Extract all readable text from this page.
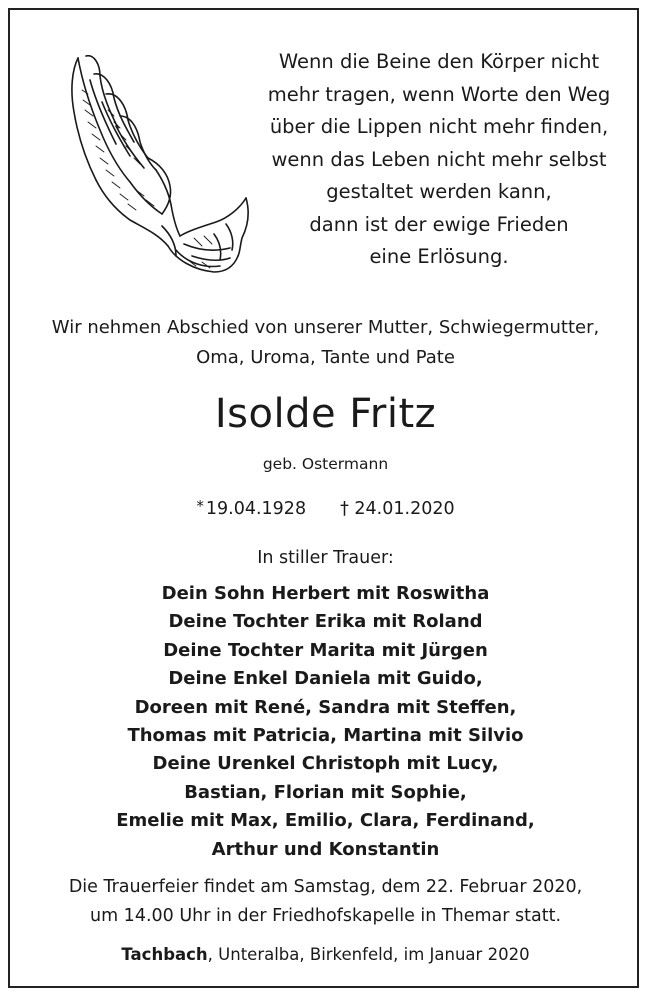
Wenn die Beine den Körper nicht
mehr tragen, wenn Worte den Weg
über die Lippen nicht mehr finden,
wenn das Leben nicht mehr selbst
gestaltet werden kann,
dann ist der ewige Frieden
eine Erlösung.
Wir nehmen Abschied von unserer Mutter, Schwiegermutter,
Oma, Uroma, Tante und Pate
Isolde Fritz
geb. Ostermann
* 19.04.1928 † 24.01.2020
In stiller Trauer:
Dein Sohn Herbert mit Roswitha
Deine Tochter Erika mit Roland
Deine Tochter Marita mit Jürgen
Deine Enkel Daniela mit Guido,
Doreen mit René, Sandra mit Steffen,
Thomas mit Patricia, Martina mit Silvio
Deine Urenkel Christoph mit Lucy,
Bastian, Florian mit Sophie,
Emelie mit Max, Emilio, Clara, Ferdinand,
Arthur und Konstantin
Die Trauerfeier findet am Samstag, dem 22. Februar 2020,
um 14.00 Uhr in der Friedhofskapelle in Themar statt.
Tachbach, Unteralba, Birkenfeld, im Januar 2020
